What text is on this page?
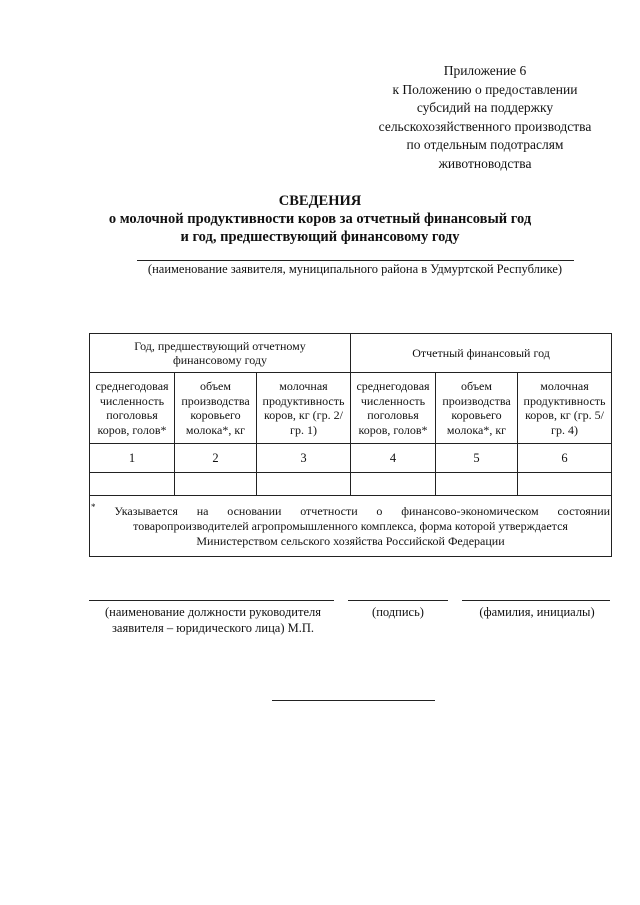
Приложение 6
к Положению о предоставлении
субсидий на поддержку
сельскохозяйственного производства
по отдельным подотраслям
животноводства
СВЕДЕНИЯ
о молочной продуктивности коров за отчетный финансовый год
и год, предшествующий финансовому году
(наименование заявителя, муниципального района в Удмуртской Республике)
Год, предшествующий отчетному финансовому году			Отчетный финансовый год		
среднегодовая численность поголовья коров, голов*	объем производства коровьего молока*, кг	молочная продуктивность коров, кг (гр. 2/ гр. 1)	среднегодовая численность поголовья коров, голов*	объем производства коровьего молока*, кг	молочная продуктивность коров, кг (гр. 5/ гр. 4)
1	2	3	4	5	6

* Указывается на основании отчетности о финансово-экономическом состоянии
товаропроизводителей агропромышленного комплекса, форма которой утверждается Министерством сельского хозяйства Российской Федерации					
(наименование должности руководителя
заявителя – юридического лица) М.П.
(подпись)	(фамилия, инициалы)
